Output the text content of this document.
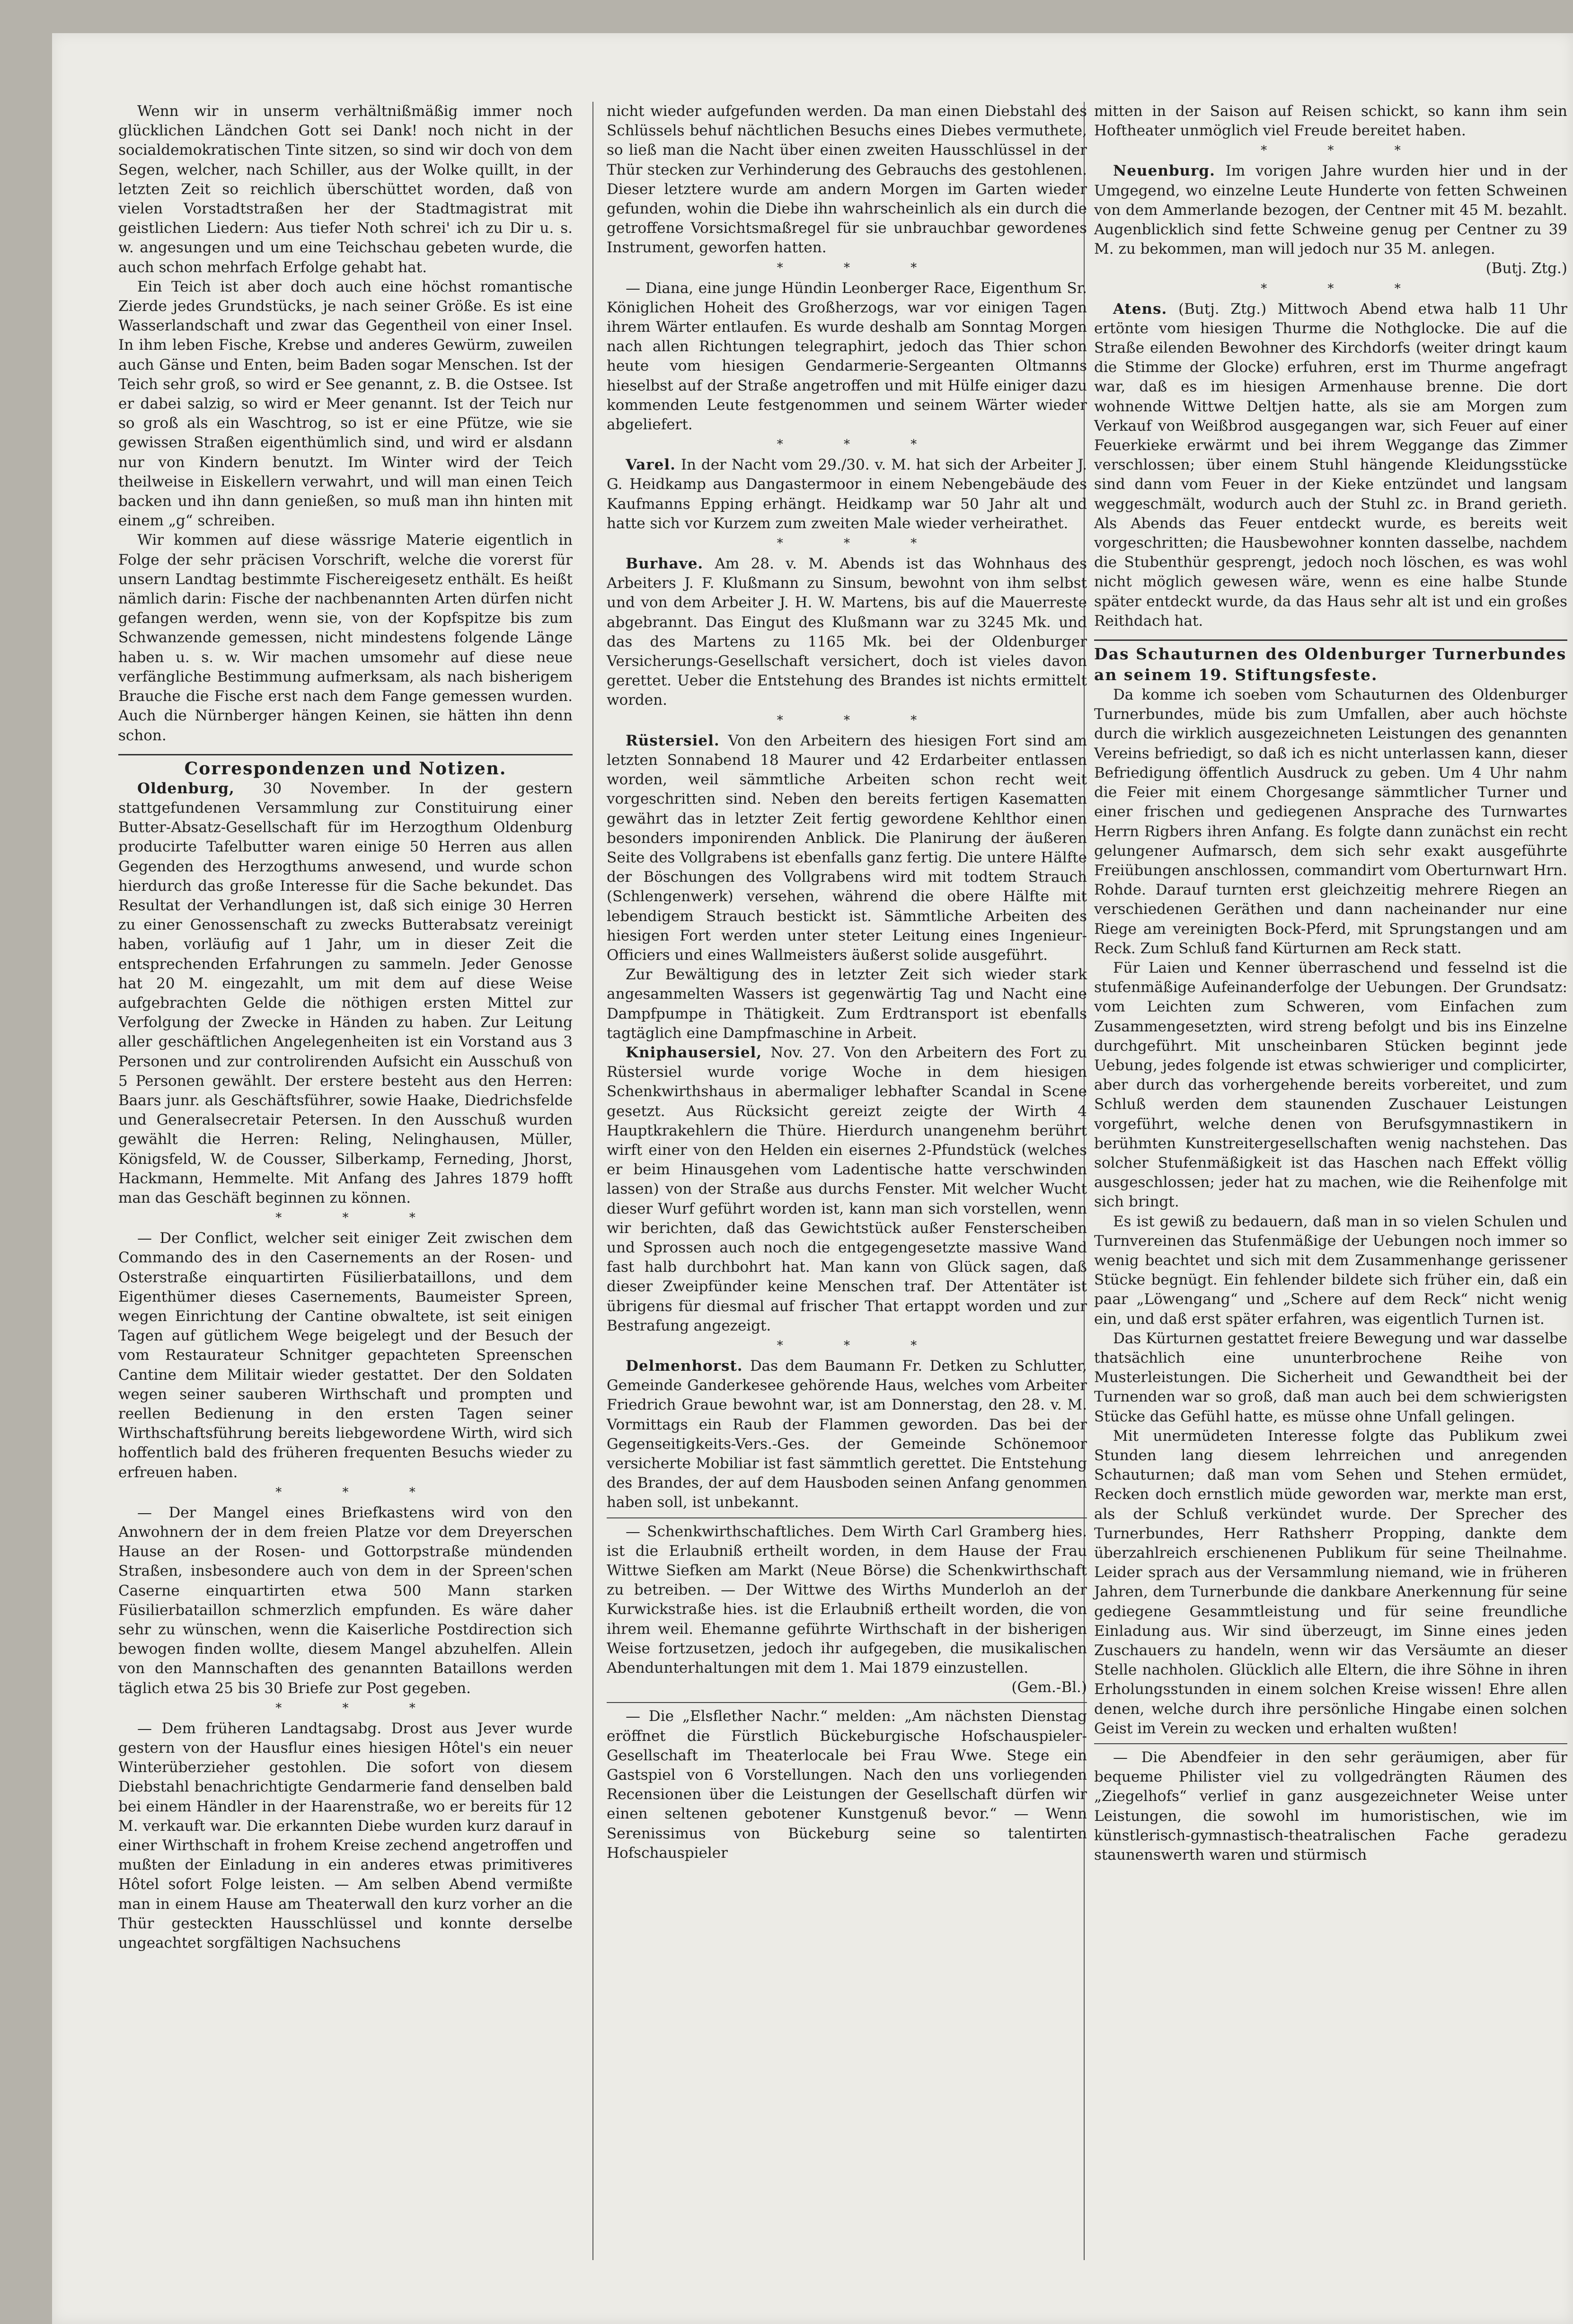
Wenn wir in unserm verhältnißmäßig immer noch glücklichen Ländchen Gott sei Dank! noch nicht in der socialdemokratischen Tinte sitzen, so sind wir doch von dem Segen, welcher, nach Schiller, aus der Wolke quillt, in der letzten Zeit so reichlich überschüttet worden, daß von vielen Vorstadtstraßen her der Stadtmagistrat mit geistlichen Liedern: Aus tiefer Noth schrei' ich zu Dir u. s. w. angesungen und um eine Teichschau gebeten wurde, die auch schon mehrfach Erfolge gehabt hat.

Ein Teich ist aber doch auch eine höchst romantische Zierde jedes Grundstücks, je nach seiner Größe. Es ist eine Wasserlandschaft und zwar das Gegentheil von einer Insel. In ihm leben Fische, Krebse und anderes Gewürm, zuweilen auch Gänse und Enten, beim Baden sogar Menschen. Ist der Teich sehr groß, so wird er See genannt, z. B. die Ostsee. Ist er dabei salzig, so wird er Meer genannt. Ist der Teich nur so groß als ein Waschtrog, so ist er eine Pfütze, wie sie gewissen Straßen eigenthümlich sind, und wird er alsdann nur von Kindern benutzt. Im Winter wird der Teich theilweise in Eiskellern verwahrt, und will man einen Teich backen und ihn dann genießen, so muß man ihn hinten mit einem „g“ schreiben.

Wir kommen auf diese wässrige Materie eigentlich in Folge der sehr präcisen Vorschrift, welche die vorerst für unsern Landtag bestimmte Fischereigesetz enthält. Es heißt nämlich darin: Fische der nachbenannten Arten dürfen nicht gefangen werden, wenn sie, von der Kopfspitze bis zum Schwanzende gemessen, nicht mindestens folgende Länge haben u. s. w. Wir machen umsomehr auf diese neue verfängliche Bestimmung aufmerksam, als nach bisherigem Brauche die Fische erst nach dem Fange gemessen wurden. Auch die Nürnberger hängen Keinen, sie hätten ihn denn schon.

Correspondenzen und Notizen.

Oldenburg, 30 November. In der gestern stattgefundenen Versammlung zur Constituirung einer Butter-Absatz-Gesellschaft für im Herzogthum Oldenburg producirte Tafelbutter waren einige 50 Herren aus allen Gegenden des Herzogthums anwesend, und wurde schon hierdurch das große Interesse für die Sache bekundet. Das Resultat der Verhandlungen ist, daß sich einige 30 Herren zu einer Genossenschaft zu zwecks Butterabsatz vereinigt haben, vorläufig auf 1 Jahr, um in dieser Zeit die entsprechenden Erfahrungen zu sammeln. Jeder Genosse hat 20 M. eingezahlt, um mit dem auf diese Weise aufgebrachten Gelde die nöthigen ersten Mittel zur Verfolgung der Zwecke in Händen zu haben. Zur Leitung aller geschäftlichen Angelegenheiten ist ein Vorstand aus 3 Personen und zur controlirenden Aufsicht ein Ausschuß von 5 Personen gewählt. Der erstere besteht aus den Herren: Baars junr. als Geschäftsführer, sowie Haake, Diedrichsfelde und Generalsecretair Petersen. In den Ausschuß wurden gewählt die Herren: Reling, Nelinghausen, Müller, Königsfeld, W. de Cousser, Silberkamp, Ferneding, Jhorst, Hackmann, Hemmelte. Mit Anfang des Jahres 1879 hofft man das Geschäft beginnen zu können.

* * *

— Der Conflict, welcher seit einiger Zeit zwischen dem Commando des in den Casernements an der Rosen- und Osterstraße einquartirten Füsilierbataillons, und dem Eigenthümer dieses Casernements, Baumeister Spreen, wegen Einrichtung der Cantine obwaltete, ist seit einigen Tagen auf gütlichem Wege beigelegt und der Besuch der vom Restaurateur Schnitger gepachteten Spreenschen Cantine dem Militair wieder gestattet. Der den Soldaten wegen seiner sauberen Wirthschaft und prompten und reellen Bedienung in den ersten Tagen seiner Wirthschaftsführung bereits liebgewordene Wirth, wird sich hoffentlich bald des früheren frequenten Besuchs wieder zu erfreuen haben.

* * *

— Der Mangel eines Briefkastens wird von den Anwohnern der in dem freien Platze vor dem Dreyerschen Hause an der Rosen- und Gottorpstraße mündenden Straßen, insbesondere auch von dem in der Spreen'schen Caserne einquartirten etwa 500 Mann starken Füsilierbataillon schmerzlich empfunden. Es wäre daher sehr zu wünschen, wenn die Kaiserliche Postdirection sich bewogen finden wollte, diesem Mangel abzuhelfen. Allein von den Mannschaften des genannten Bataillons werden täglich etwa 25 bis 30 Briefe zur Post gegeben.

* * *

— Dem früheren Landtagsabg. Drost aus Jever wurde gestern von der Hausflur eines hiesigen Hôtel's ein neuer Winterüberzieher gestohlen. Die sofort von diesem Diebstahl benachrichtigte Gendarmerie fand denselben bald bei einem Händler in der Haarenstraße, wo er bereits für 12 M. verkauft war. Die erkannten Diebe wurden kurz darauf in einer Wirthschaft in frohem Kreise zechend angetroffen und mußten der Einladung in ein anderes etwas primitiveres Hôtel sofort Folge leisten. — Am selben Abend vermißte man in einem Hause am Theaterwall den kurz vorher an die Thür gesteckten Hausschlüssel und konnte derselbe ungeachtet sorgfältigen Nachsuchens

nicht wieder aufgefunden werden. Da man einen Diebstahl des Schlüssels behuf nächtlichen Besuchs eines Diebes vermuthete, so ließ man die Nacht über einen zweiten Hausschlüssel in der Thür stecken zur Verhinderung des Gebrauchs des gestohlenen. Dieser letztere wurde am andern Morgen im Garten wieder gefunden, wohin die Diebe ihn wahrscheinlich als ein durch die getroffene Vorsichtsmaßregel für sie unbrauchbar gewordenes Instrument, geworfen hatten.

* * *

— Diana, eine junge Hündin Leonberger Race, Eigenthum Sr. Königlichen Hoheit des Großherzogs, war vor einigen Tagen ihrem Wärter entlaufen. Es wurde deshalb am Sonntag Morgen nach allen Richtungen telegraphirt, jedoch das Thier schon heute vom hiesigen Gendarmerie-Sergeanten Oltmanns hieselbst auf der Straße angetroffen und mit Hülfe einiger dazu kommenden Leute festgenommen und seinem Wärter wieder abgeliefert.

* * *

Varel. In der Nacht vom 29./30. v. M. hat sich der Arbeiter J. G. Heidkamp aus Dangastermoor in einem Nebengebäude des Kaufmanns Epping erhängt. Heidkamp war 50 Jahr alt und hatte sich vor Kurzem zum zweiten Male wieder verheirathet.

* * *

Burhave. Am 28. v. M. Abends ist das Wohnhaus des Arbeiters J. F. Klußmann zu Sinsum, bewohnt von ihm selbst und von dem Arbeiter J. H. W. Martens, bis auf die Mauerreste abgebrannt. Das Eingut des Klußmann war zu 3245 Mk. und das des Martens zu 1165 Mk. bei der Oldenburger Versicherungs-Gesellschaft versichert, doch ist vieles davon gerettet. Ueber die Entstehung des Brandes ist nichts ermittelt worden.

* * *

Rüstersiel. Von den Arbeitern des hiesigen Fort sind am letzten Sonnabend 18 Maurer und 42 Erdarbeiter entlassen worden, weil sämmtliche Arbeiten schon recht weit vorgeschritten sind. Neben den bereits fertigen Kasematten gewährt das in letzter Zeit fertig gewordene Kehlthor einen besonders imponirenden Anblick. Die Planirung der äußeren Seite des Vollgrabens ist ebenfalls ganz fertig. Die untere Hälfte der Böschungen des Vollgrabens wird mit todtem Strauch (Schlengenwerk) versehen, während die obere Hälfte mit lebendigem Strauch bestickt ist. Sämmtliche Arbeiten des hiesigen Fort werden unter steter Leitung eines Ingenieur-Officiers und eines Wallmeisters äußerst solide ausgeführt.

Zur Bewältigung des in letzter Zeit sich wieder stark angesammelten Wassers ist gegenwärtig Tag und Nacht eine Dampfpumpe in Thätigkeit. Zum Erdtransport ist ebenfalls tagtäglich eine Dampfmaschine in Arbeit.

Kniphausersiel, Nov. 27. Von den Arbeitern des Fort zu Rüstersiel wurde vorige Woche in dem hiesigen Schenkwirthshaus in abermaliger lebhafter Scandal in Scene gesetzt. Aus Rücksicht gereizt zeigte der Wirth 4 Hauptkrakehlern die Thüre. Hierdurch unangenehm berührt wirft einer von den Helden ein eisernes 2-Pfundstück (welches er beim Hinausgehen vom Ladentische hatte verschwinden lassen) von der Straße aus durchs Fenster. Mit welcher Wucht dieser Wurf geführt worden ist, kann man sich vorstellen, wenn wir berichten, daß das Gewichtstück außer Fensterscheiben und Sprossen auch noch die entgegengesetzte massive Wand fast halb durchbohrt hat. Man kann von Glück sagen, daß dieser Zweipfünder keine Menschen traf. Der Attentäter ist übrigens für diesmal auf frischer That ertappt worden und zur Bestrafung angezeigt.

* * *

Delmenhorst. Das dem Baumann Fr. Detken zu Schlutter, Gemeinde Ganderkesee gehörende Haus, welches vom Arbeiter Friedrich Graue bewohnt war, ist am Donnerstag, den 28. v. M. Vormittags ein Raub der Flammen geworden. Das bei der Gegenseitigkeits-Vers.-Ges. der Gemeinde Schönemoor versicherte Mobiliar ist fast sämmtlich gerettet. Die Entstehung des Brandes, der auf dem Hausboden seinen Anfang genommen haben soll, ist unbekannt.

— Schenkwirthschaftliches. Dem Wirth Carl Gramberg hies. ist die Erlaubniß ertheilt worden, in dem Hause der Frau Wittwe Siefken am Markt (Neue Börse) die Schenkwirthschaft zu betreiben. — Der Wittwe des Wirths Munderloh an der Kurwickstraße hies. ist die Erlaubniß ertheilt worden, die von ihrem weil. Ehemanne geführte Wirthschaft in der bisherigen Weise fortzusetzen, jedoch ihr aufgegeben, die musikalischen Abendunterhaltungen mit dem 1. Mai 1879 einzustellen.

(Gem.-Bl.)

— Die „Elsflether Nachr.“ melden: „Am nächsten Dienstag eröffnet die Fürstlich Bückeburgische Hofschauspieler-Gesellschaft im Theaterlocale bei Frau Wwe. Stege ein Gastspiel von 6 Vorstellungen. Nach den uns vorliegenden Recensionen über die Leistungen der Gesellschaft dürfen wir einen seltenen gebotener Kunstgenuß bevor.“ — Wenn Serenissimus von Bückeburg seine so talentirten Hofschauspieler

mitten in der Saison auf Reisen schickt, so kann ihm sein Hoftheater unmöglich viel Freude bereitet haben.

* * *

Neuenburg. Im vorigen Jahre wurden hier und in der Umgegend, wo einzelne Leute Hunderte von fetten Schweinen von dem Ammerlande bezogen, der Centner mit 45 M. bezahlt. Augenblicklich sind fette Schweine genug per Centner zu 39 M. zu bekommen, man will jedoch nur 35 M. anlegen.

(Butj. Ztg.)
* * *

Atens. (Butj. Ztg.) Mittwoch Abend etwa halb 11 Uhr ertönte vom hiesigen Thurme die Nothglocke. Die auf die Straße eilenden Bewohner des Kirchdorfs (weiter dringt kaum die Stimme der Glocke) erfuhren, erst im Thurme angefragt war, daß es im hiesigen Armenhause brenne. Die dort wohnende Wittwe Deltjen hatte, als sie am Morgen zum Verkauf von Weißbrod ausgegangen war, sich Feuer auf einer Feuerkieke erwärmt und bei ihrem Weggange das Zimmer verschlossen; über einem Stuhl hängende Kleidungsstücke sind dann vom Feuer in der Kieke entzündet und langsam weggeschmält, wodurch auch der Stuhl zc. in Brand gerieth. Als Abends das Feuer entdeckt wurde, es bereits weit vorgeschritten; die Hausbewohner konnten dasselbe, nachdem die Stubenthür gesprengt, jedoch noch löschen, es was wohl nicht möglich gewesen wäre, wenn es eine halbe Stunde später entdeckt wurde, da das Haus sehr alt ist und ein großes Reithdach hat.

Das Schauturnen des Oldenburger Turnerbundes an seinem 19. Stiftungsfeste.

Da komme ich soeben vom Schauturnen des Oldenburger Turnerbundes, müde bis zum Umfallen, aber auch höchste durch die wirklich ausgezeichneten Leistungen des genannten Vereins befriedigt, so daß ich es nicht unterlassen kann, dieser Befriedigung öffentlich Ausdruck zu geben. Um 4 Uhr nahm die Feier mit einem Chorgesange sämmtlicher Turner und einer frischen und gediegenen Ansprache des Turnwartes Herrn Rigbers ihren Anfang. Es folgte dann zunächst ein recht gelungener Aufmarsch, dem sich sehr exakt ausgeführte Freiübungen anschlossen, commandirt vom Oberturnwart Hrn. Rohde. Darauf turnten erst gleichzeitig mehrere Riegen an verschiedenen Geräthen und dann nacheinander nur eine Riege am vereinigten Bock-Pferd, mit Sprungstangen und am Reck. Zum Schluß fand Kürturnen am Reck statt.

Für Laien und Kenner überraschend und fesselnd ist die stufenmäßige Aufeinanderfolge der Uebungen. Der Grundsatz: vom Leichten zum Schweren, vom Einfachen zum Zusammengesetzten, wird streng befolgt und bis ins Einzelne durchgeführt. Mit unscheinbaren Stücken beginnt jede Uebung, jedes folgende ist etwas schwieriger und complicirter, aber durch das vorhergehende bereits vorbereitet, und zum Schluß werden dem staunenden Zuschauer Leistungen vorgeführt, welche denen von Berufsgymnastikern in berühmten Kunstreitergesellschaften wenig nachstehen. Das solcher Stufenmäßigkeit ist das Haschen nach Effekt völlig ausgeschlossen; jeder hat zu machen, wie die Reihenfolge mit sich bringt.

Es ist gewiß zu bedauern, daß man in so vielen Schulen und Turnvereinen das Stufenmäßige der Uebungen noch immer so wenig beachtet und sich mit dem Zusammenhange gerissener Stücke begnügt. Ein fehlender bildete sich früher ein, daß ein paar „Löwengang“ und „Schere auf dem Reck“ nicht wenig ein, und daß erst später erfahren, was eigentlich Turnen ist.

Das Kürturnen gestattet freiere Bewegung und war dasselbe thatsächlich eine ununterbrochene Reihe von Musterleistungen. Die Sicherheit und Gewandtheit bei der Turnenden war so groß, daß man auch bei dem schwierigsten Stücke das Gefühl hatte, es müsse ohne Unfall gelingen.

Mit unermüdeten Interesse folgte das Publikum zwei Stunden lang diesem lehrreichen und anregenden Schauturnen; daß man vom Sehen und Stehen ermüdet, Recken doch ernstlich müde geworden war, merkte man erst, als der Schluß verkündet wurde. Der Sprecher des Turnerbundes, Herr Rathsherr Propping, dankte dem überzahlreich erschienenen Publikum für seine Theilnahme. Leider sprach aus der Versammlung niemand, wie in früheren Jahren, dem Turnerbunde die dankbare Anerkennung für seine gediegene Gesammtleistung und für seine freundliche Einladung aus. Wir sind überzeugt, im Sinne eines jeden Zuschauers zu handeln, wenn wir das Versäumte an dieser Stelle nachholen. Glücklich alle Eltern, die ihre Söhne in ihren Erholungsstunden in einem solchen Kreise wissen! Ehre allen denen, welche durch ihre persönliche Hingabe einen solchen Geist im Verein zu wecken und erhalten wußten!

— Die Abendfeier in den sehr geräumigen, aber für bequeme Philister viel zu vollgedrängten Räumen des „Ziegelhofs“ verlief in ganz ausgezeichneter Weise unter Leistungen, die sowohl im humoristischen, wie im künstlerisch-gymnastisch-theatralischen Fache geradezu staunenswerth waren und stürmisch
